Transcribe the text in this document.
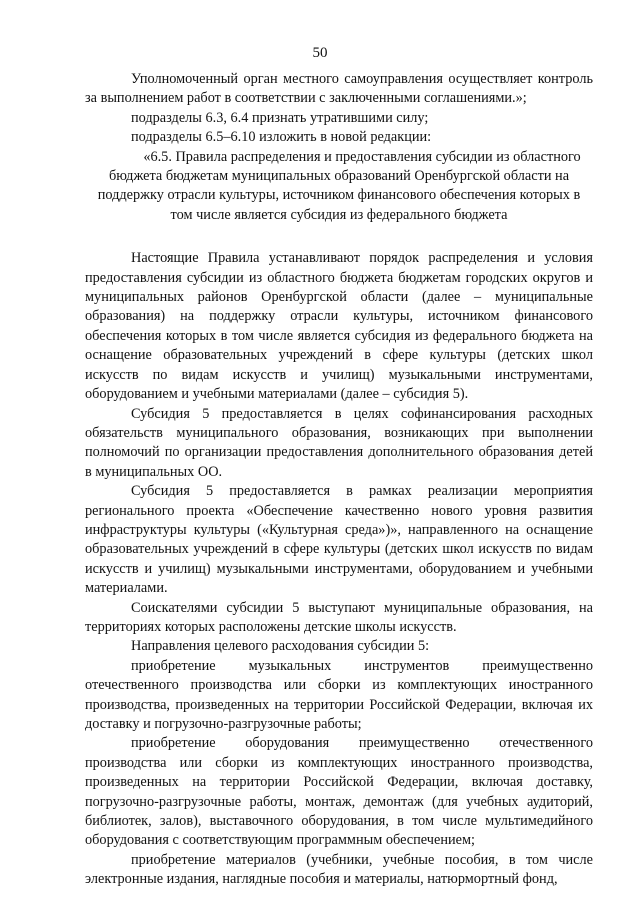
50

Уполномоченный орган местного самоуправления осуществляет контроль за выполнением работ в соответствии с заключенными соглашениями.»;

подразделы 6.3, 6.4 признать утратившими силу;

подразделы 6.5–6.10 изложить в новой редакции:

«6.5. Правила распределения и предоставления субсидии из областного бюджета бюджетам муниципальных образований Оренбургской области на поддержку отрасли культуры, источником финансового обеспечения которых в том числе является субсидия из федерального бюджета

Настоящие Правила устанавливают порядок распределения и условия предоставления субсидии из областного бюджета бюджетам городских округов и муниципальных районов Оренбургской области (далее – муниципальные образования) на поддержку отрасли культуры, источником финансового обеспечения которых в том числе является субсидия из федерального бюджета на оснащение образовательных учреждений в сфере культуры (детских школ искусств по видам искусств и училищ) музыкальными инструментами, оборудованием и учебными материалами (далее – субсидия 5).

Субсидия 5 предоставляется в целях софинансирования расходных обязательств муниципального образования, возникающих при выполнении полномочий по организации предоставления дополнительного образования детей в муниципальных ОО.

Субсидия 5 предоставляется в рамках реализации мероприятия регионального проекта «Обеспечение качественно нового уровня развития инфраструктуры культуры («Культурная среда»)», направленного на оснащение образовательных учреждений в сфере культуры (детских школ искусств по видам искусств и училищ) музыкальными инструментами, оборудованием и учебными материалами.

Соискателями субсидии 5 выступают муниципальные образования, на территориях которых расположены детские школы искусств.

Направления целевого расходования субсидии 5:

приобретение музыкальных инструментов преимущественно отечественного производства или сборки из комплектующих иностранного производства, произведенных на территории Российской Федерации, включая их доставку и погрузочно-разгрузочные работы;

приобретение оборудования преимущественно отечественного производства или сборки из комплектующих иностранного производства, произведенных на территории Российской Федерации, включая доставку, погрузочно-разгрузочные работы, монтаж, демонтаж (для учебных аудиторий, библиотек, залов), выставочного оборудования, в том числе мультимедийного оборудования с соответствующим программным обеспечением;

приобретение материалов (учебники, учебные пособия, в том числе электронные издания, наглядные пособия и материалы, натюрмортный фонд,
